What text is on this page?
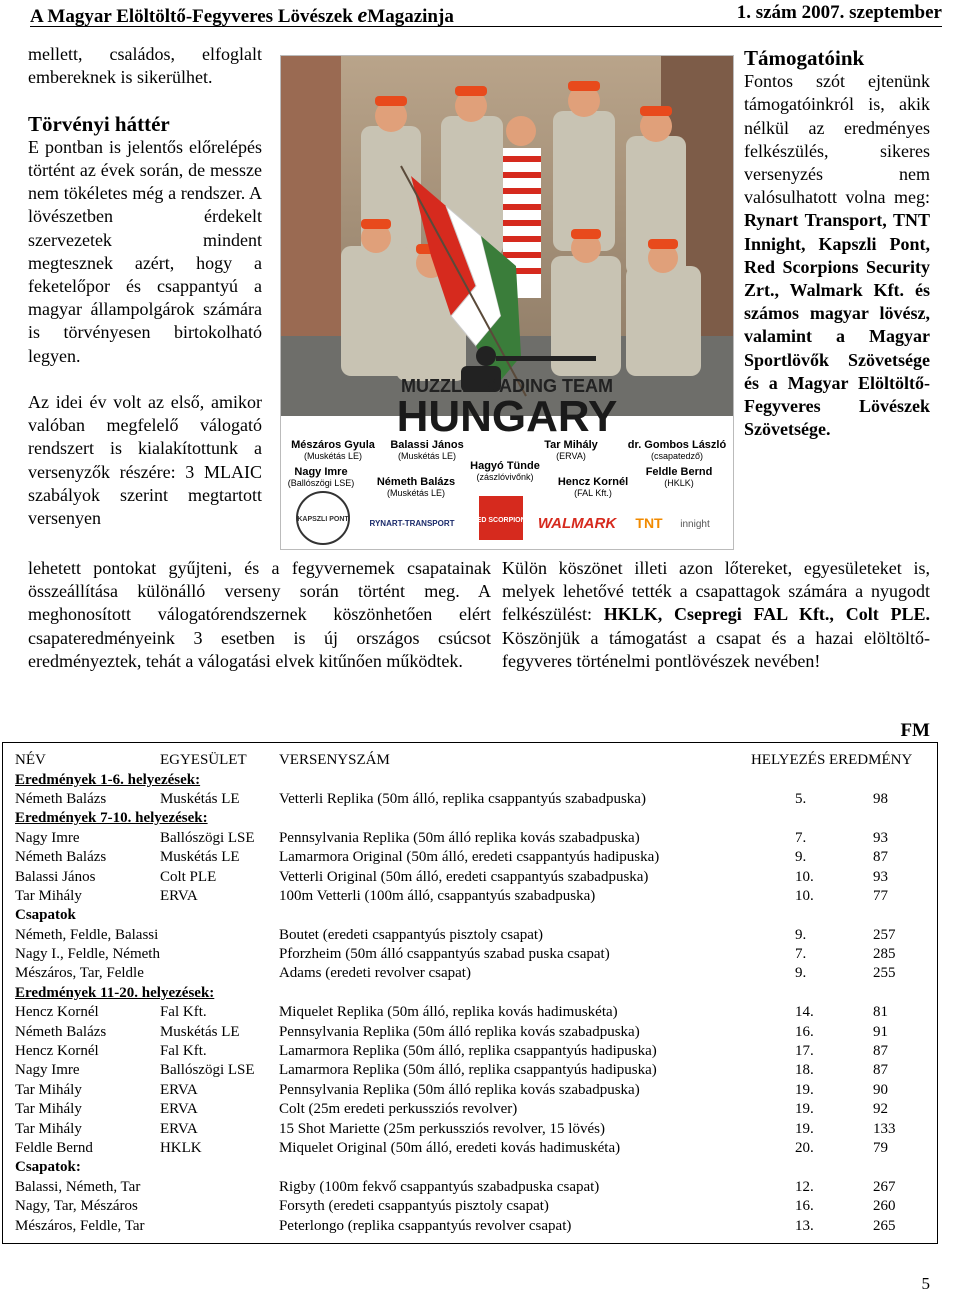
A Magyar Elöltöltő-Fegyveres Lövészek eMagazinja	1. szám 2007. szeptember

mellett, családos, elfoglalt embereknek is sikerülhet.

Törvényi háttér

E pontban is jelentős előrelépés történt az évek során, de messze nem tökéletes még a rendszer. A lövészetben érdekelt szervezetek mindent megtesznek azért, hogy a feketelőpor és csappantyú a magyar állampolgárok számára is törvényesen birtokolható legyen.

Az idei év volt az első, amikor valóban megfelelő válogató rendszert is kialakítottunk a versenyzők részére: 3 MLAIC szabályok szerint megtartott versenyen

MUZZLELOADING TEAM
HUNGARY
Mészáros Gyula
(Muskétás LE)
Balassi János
(Muskétás LE)
Tar Mihály
(ERVA)
dr. Gombos László
(csapatedző)
Nagy Imre
(Ballószögi LSE)
Hagyó Tünde
(zászlóvivőnk)
Németh Balázs
(Muskétás LE)
Hencz Kornél
(FAL Kft.)
Feldle Bernd
(HKLK)
KAPSZLI PONT	RYNART-TRANSPORT RED SCORPIONS WALMARK TNT innight
Támogatóink

Fontos szót ejtenünk támogatóinkról is, akik nélkül az eredményes felkészülés, sikeres versenyzés nem valósulhatott volna meg: Rynart Transport, TNT Innight, Kapszli Pont, Red Scorpions Security Zrt., Walmark Kft. és számos magyar lövész, valamint a Magyar Sportlövők Szövetsége és a Magyar Elöltöltő-Fegyveres Lövészek Szövetsége.

lehetett pontokat gyűjteni, és a fegyvernemek csapatainak összeállítása különálló verseny során történt meg. A meghonosított válogatórendszernek köszönhetően elért csapateredményeink 3 esetben is új országos csúcsot eredményeztek, tehát a válogatási elvek kitűnően működtek.
Külön köszönet illeti azon lőtereket, egyesületeket is, melyek lehetővé tették a csapattagok számára a nyugodt felkészülést: HKLK, Csepregi FAL Kft., Colt PLE. Köszönjük a támogatást a csapat és a hazai elöltöltő-fegyveres történelmi pontlövészek nevében!
FM
NÉV	EGYESÜLET	VERSENYSZÁM	HELYEZÉS	EREDMÉNY
Eredmények 1-6. helyezések:				
Németh Balázs	Muskétás LE	Vetterli Replika (50m álló, replika csappantyús szabadpuska)	5.	98
Eredmények 7-10. helyezések:				
Nagy Imre	Ballószögi LSE	Pennsylvania Replika (50m álló replika kovás szabadpuska)	7.	93
Németh Balázs	Muskétás LE	Lamarmora Original (50m álló, eredeti csappantyús hadipuska)	9.	87
Balassi János	Colt PLE	Vetterli Original (50m álló, eredeti csappantyús szabadpuska)	10.	93
Tar Mihály	ERVA	100m Vetterli (100m álló, csappantyús szabadpuska)	10.	77
Csapatok				
Németh, Feldle, Balassi		Boutet (eredeti csappantyús pisztoly csapat)	9.	257
Nagy I., Feldle, Németh		Pforzheim (50m álló csappantyús szabad puska csapat)	7.	285
Mészáros, Tar, Feldle		Adams (eredeti revolver csapat)	9.	255
Eredmények 11-20. helyezések:				
Hencz Kornél	Fal Kft.	Miquelet Replika (50m álló, replika kovás hadimuskéta)	14.	81
Németh Balázs	Muskétás LE	Pennsylvania Replika (50m álló replika kovás szabadpuska)	16.	91
Hencz Kornél	Fal Kft.	Lamarmora Replika (50m álló, replika csappantyús hadipuska)	17.	87
Nagy Imre	Ballószögi LSE	Lamarmora Replika (50m álló, replika csappantyús hadipuska)	18.	87
Tar Mihály	ERVA	Pennsylvania Replika (50m álló replika kovás szabadpuska)	19.	90
Tar Mihály	ERVA	Colt (25m eredeti perkussziós revolver)	19.	92
Tar Mihály	ERVA	15 Shot Mariette (25m perkussziós revolver, 15 lövés)	19.	133
Feldle Bernd	HKLK	Miquelet Original (50m álló, eredeti kovás hadimuskéta)	20.	79
Csapatok:				
Balassi, Németh, Tar		Rigby (100m fekvő csappantyús szabadpuska csapat)	12.	267
Nagy, Tar, Mészáros		Forsyth (eredeti csappantyús pisztoly csapat)	16.	260
Mészáros, Feldle, Tar		Peterlongo (replika csappantyús revolver csapat)	13.	265
5
